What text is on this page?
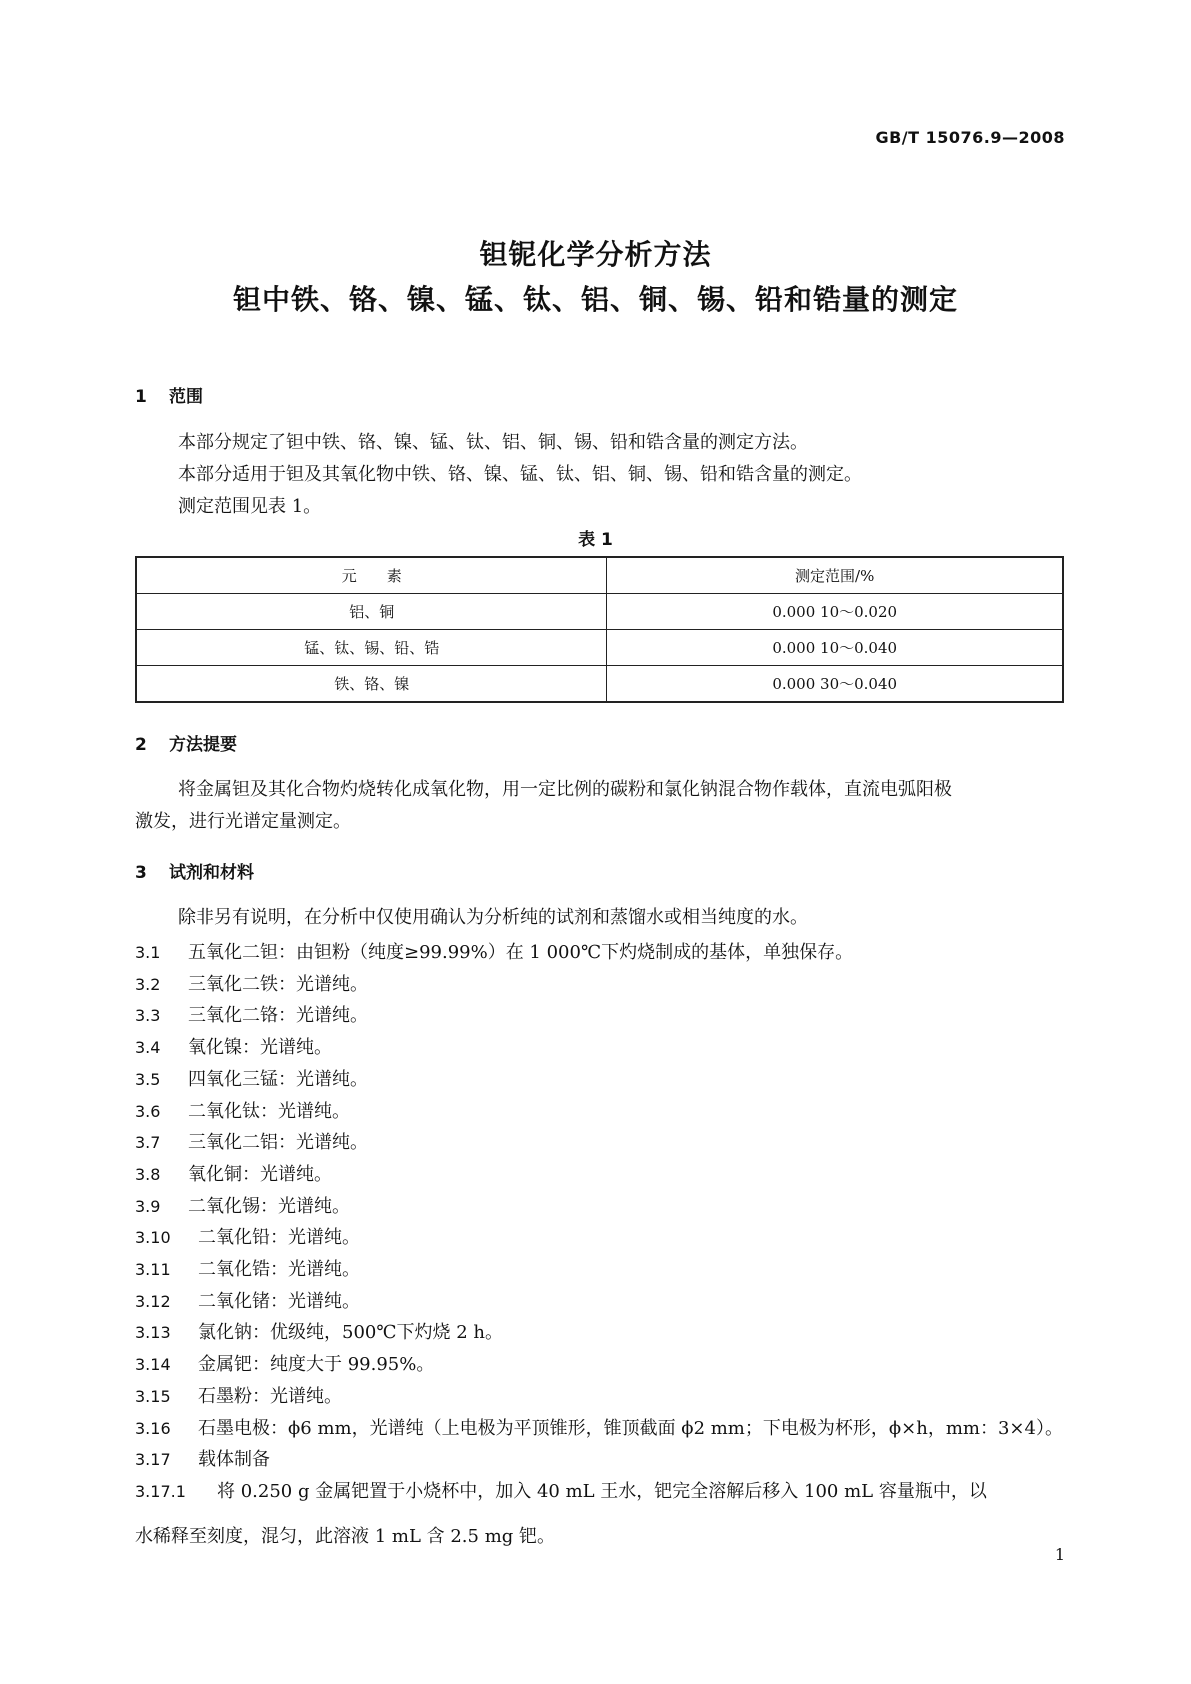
GB/T 15076.9—2008
钽铌化学分析方法
钽中铁、铬、镍、锰、钛、铝、铜、锡、铅和锆量的测定
1 范围
本部分规定了钽中铁、铬、镍、锰、钛、铝、铜、锡、铅和锆含量的测定方法。
本部分适用于钽及其氧化物中铁、铬、镍、锰、钛、铝、铜、锡、铅和锆含量的测定。
测定范围见表 1。
表 1
元　　素	测定范围/%
铝、铜	0.000 10～0.020
锰、钛、锡、铅、锆	0.000 10～0.040
铁、铬、镍	0.000 30～0.040
2 方法提要
将金属钽及其化合物灼烧转化成氧化物，用一定比例的碳粉和氯化钠混合物作载体，直流电弧阳极
激发，进行光谱定量测定。
3 试剂和材料
除非另有说明，在分析中仅使用确认为分析纯的试剂和蒸馏水或相当纯度的水。
3.1 五氧化二钽：由钽粉（纯度≥99.99%）在 1 000℃下灼烧制成的基体，单独保存。
3.2 三氧化二铁：光谱纯。
3.3 三氧化二铬：光谱纯。
3.4 氧化镍：光谱纯。
3.5 四氧化三锰：光谱纯。
3.6 二氧化钛：光谱纯。
3.7 三氧化二铝：光谱纯。
3.8 氧化铜：光谱纯。
3.9 二氧化锡：光谱纯。
3.10 二氧化铅：光谱纯。
3.11 二氧化锆：光谱纯。
3.12 二氧化锗：光谱纯。
3.13 氯化钠：优级纯，500℃下灼烧 2 h。
3.14 金属钯：纯度大于 99.95%。
3.15 石墨粉：光谱纯。
3.16 石墨电极：ϕ6 mm，光谱纯（上电极为平顶锥形，锥顶截面 ϕ2 mm；下电极为杯形，ϕ×h，mm：3×4）。
3.17 载体制备
3.17.1 将 0.250 g 金属钯置于小烧杯中，加入 40 mL 王水，钯完全溶解后移入 100 mL 容量瓶中，以
水稀释至刻度，混匀，此溶液 1 mL 含 2.5 mg 钯。
1
